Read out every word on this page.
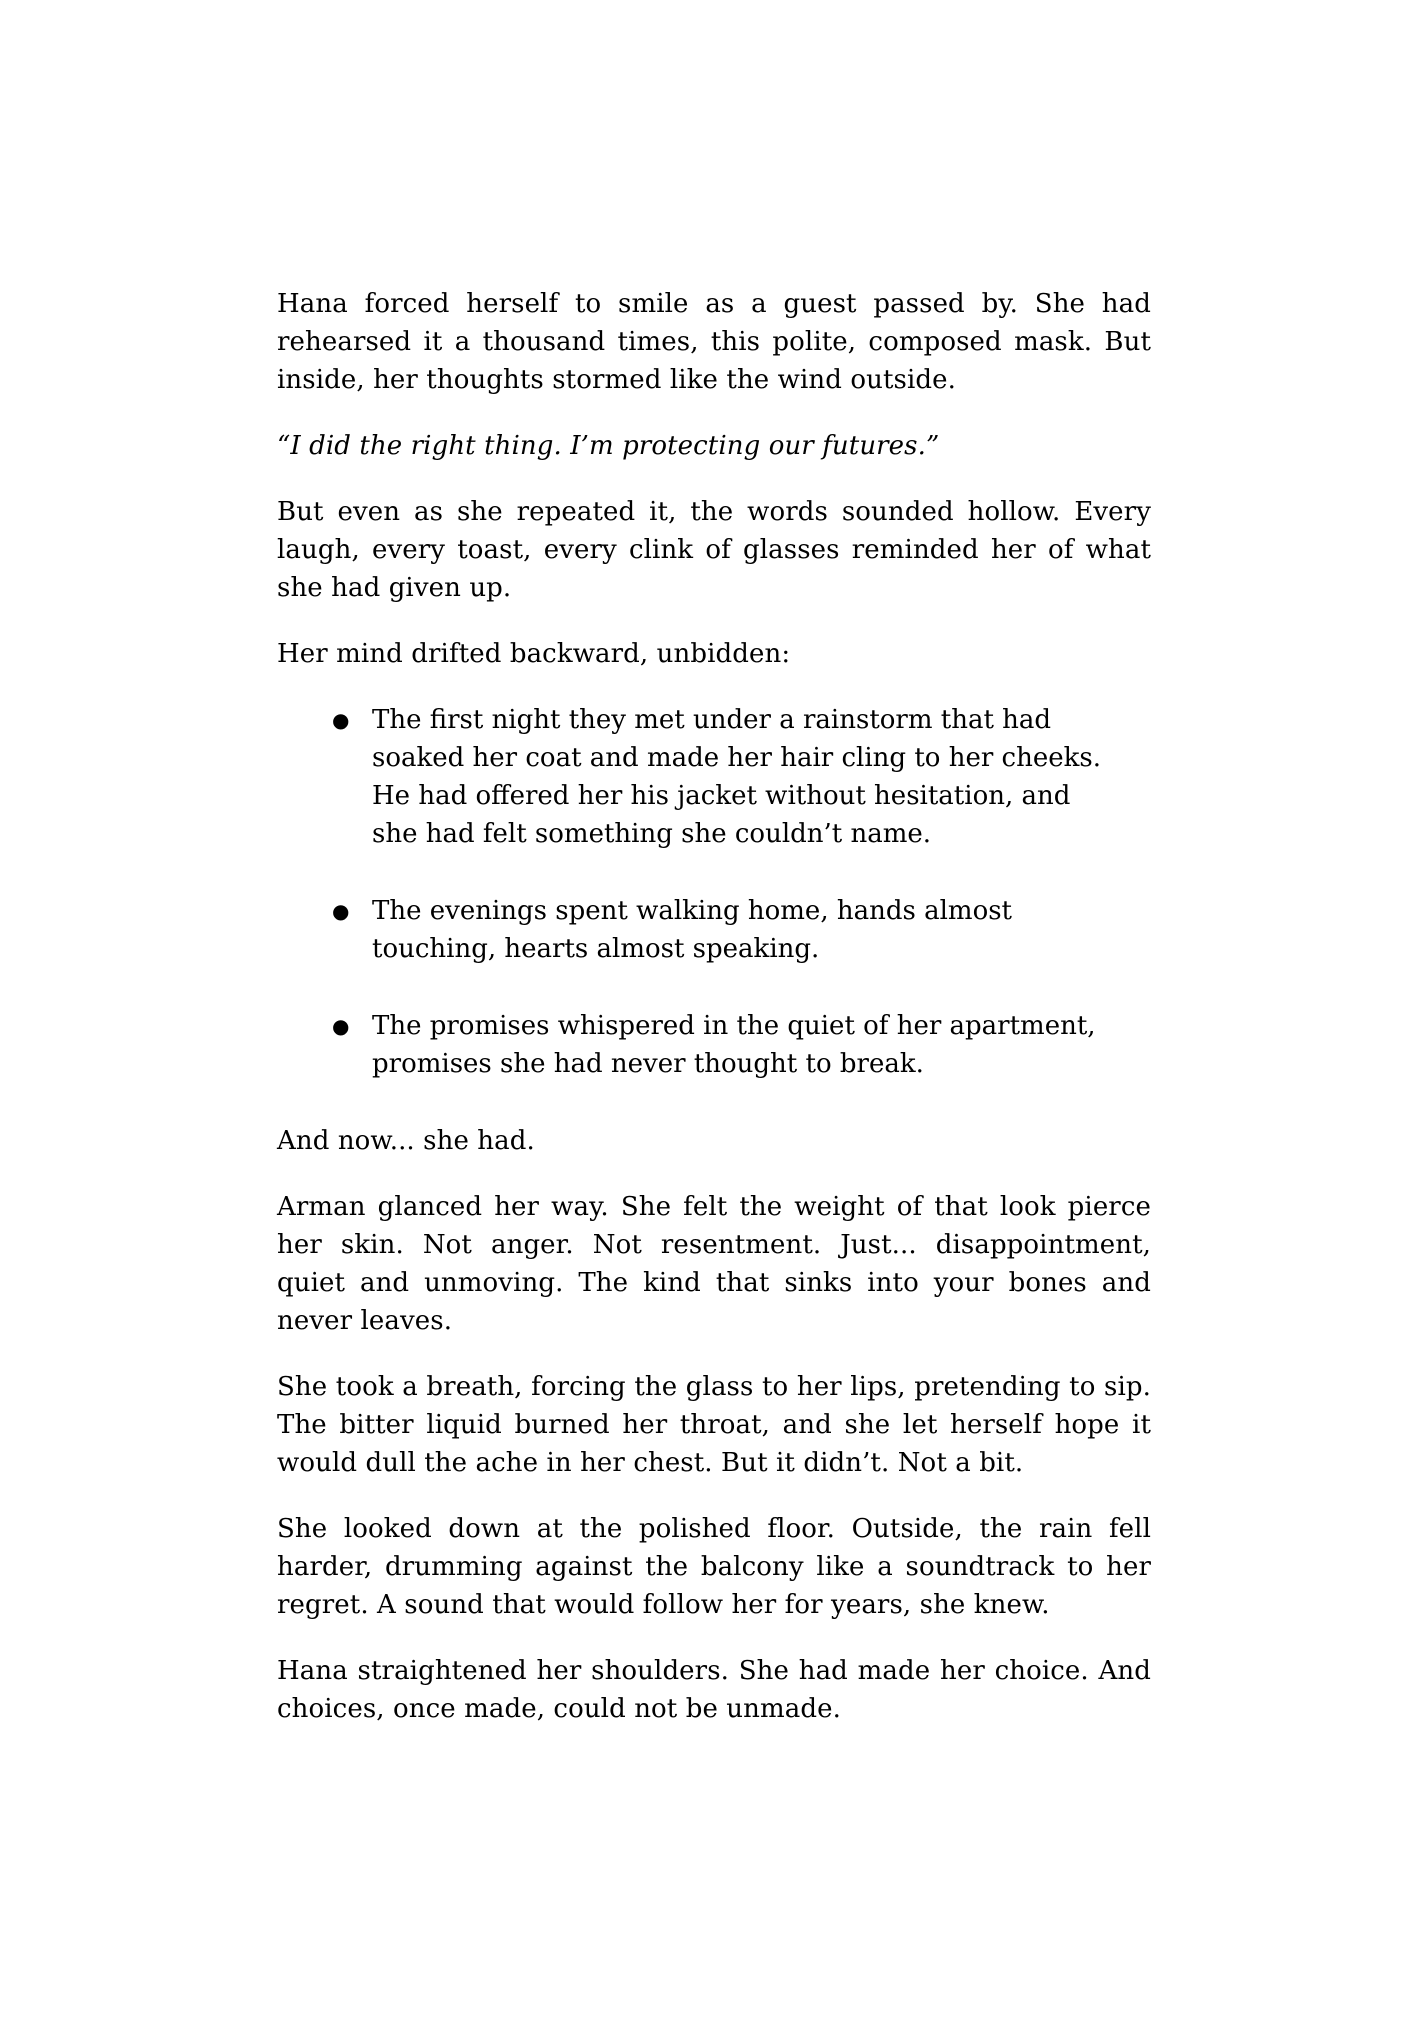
Hana forced herself to smile as a guest passed by. She had rehearsed it a thousand times, this polite, composed mask. But inside, her thoughts stormed like the wind outside.

“I did the right thing. I’m protecting our futures.”

But even as she repeated it, the words sounded hollow. Every laugh, every toast, every clink of glasses reminded her of what she had given up.

Her mind drifted backward, unbidden:

● The first night they met under a rainstorm that had soaked her coat and made her hair cling to her cheeks. He had offered her his jacket without hesitation, and she had felt something she couldn’t name.
● The evenings spent walking home, hands almost touching, hearts almost speaking.
● The promises whispered in the quiet of her apartment, promises she had never thought to break.

And now... she had.

Arman glanced her way. She felt the weight of that look pierce her skin. Not anger. Not resentment. Just... disappointment, quiet and unmoving. The kind that sinks into your bones and never leaves.

She took a breath, forcing the glass to her lips, pretending to sip. The bitter liquid burned her throat, and she let herself hope it would dull the ache in her chest. But it didn’t. Not a bit.

She looked down at the polished floor. Outside, the rain fell harder, drumming against the balcony like a soundtrack to her regret. A sound that would follow her for years, she knew.

Hana straightened her shoulders. She had made her choice. And choices, once made, could not be unmade.
